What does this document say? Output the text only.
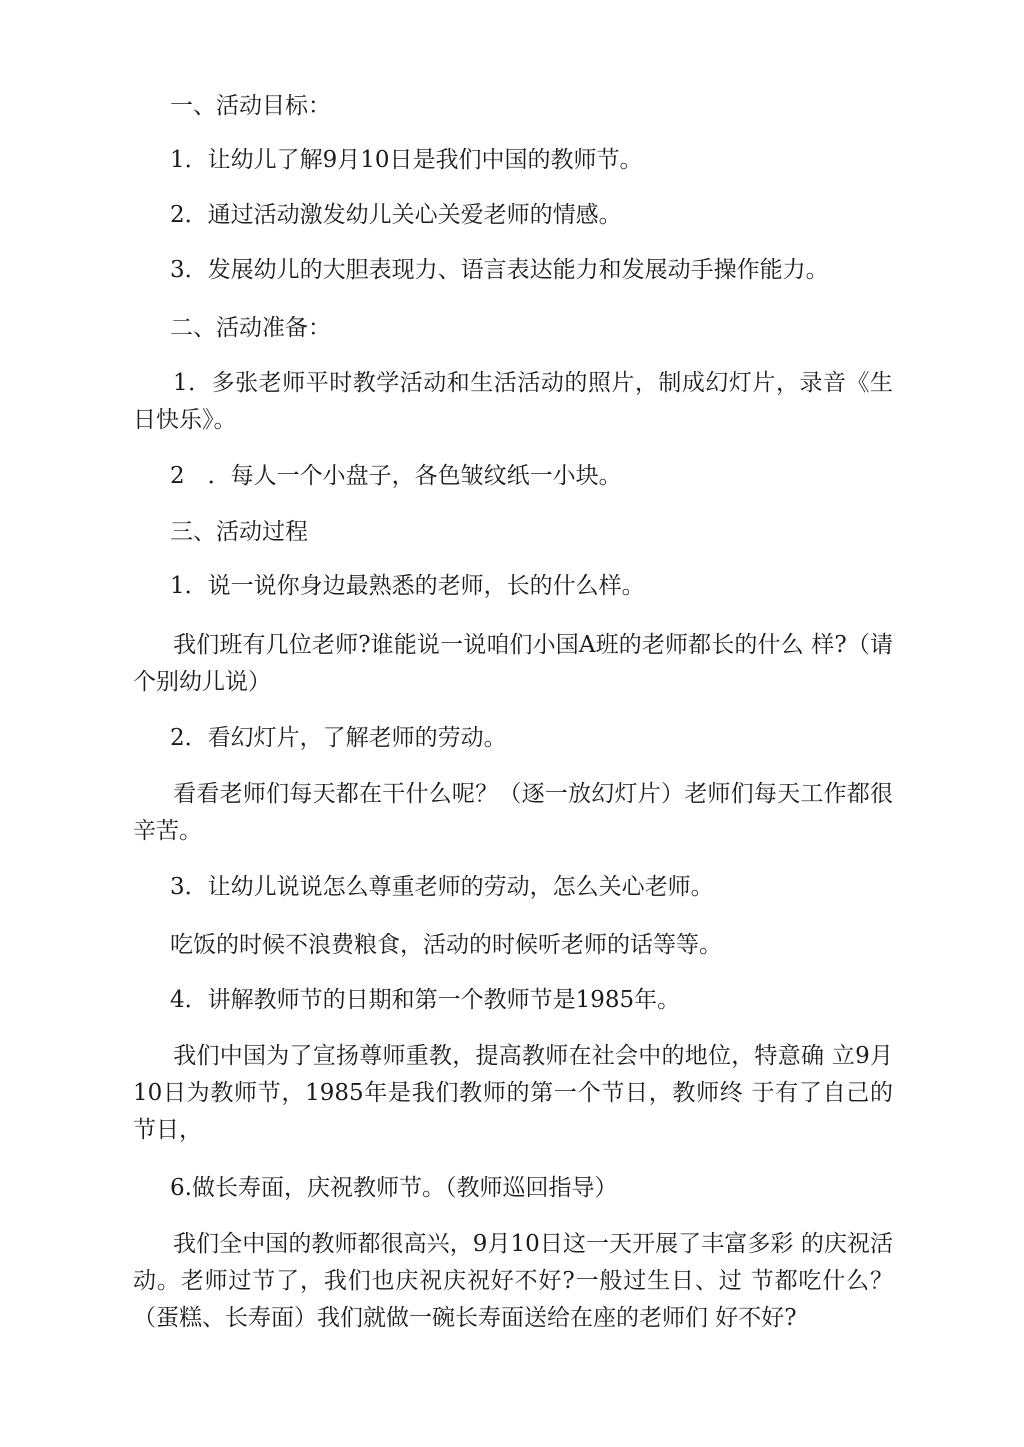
一、活动目标：
1．让幼儿了解9月10日是我们中国的教师节。
2．通过活动激发幼儿关心关爱老师的情感。
3．发展幼儿的大胆表现力、语言表达能力和发展动手操作能力。
二、活动准备：
1．多张老师平时教学活动和生活活动的照片，制成幻灯片，录音《生日快乐》。
2　．每人一个小盘子，各色皱纹纸一小块。
三、活动过程
1．说一说你身边最熟悉的老师，长的什么样。
我们班有几位老师?谁能说一说咱们小国A班的老师都长的什么 样?（请个别幼儿说）
2．看幻灯片，了解老师的劳动。
看看老师们每天都在干什么呢？（逐一放幻灯片）老师们每天工作都很辛苦。
3．让幼儿说说怎么尊重老师的劳动，怎么关心老师。
吃饭的时候不浪费粮食，活动的时候听老师的话等等。
4．讲解教师节的日期和第一个教师节是1985年。
我们中国为了宣扬尊师重教，提高教师在社会中的地位，特意确 立9月10日为教师节，1985年是我们教师的第一个节日，教师终 于有了自己的节日，
6.做长寿面，庆祝教师节。（教师巡回指导）
我们全中国的教师都很高兴，9月10日这一天开展了丰富多彩 的庆祝活动。老师过节了，我们也庆祝庆祝好不好?一般过生日、过 节都吃什么？（蛋糕、长寿面）我们就做一碗长寿面送给在座的老师们 好不好?
